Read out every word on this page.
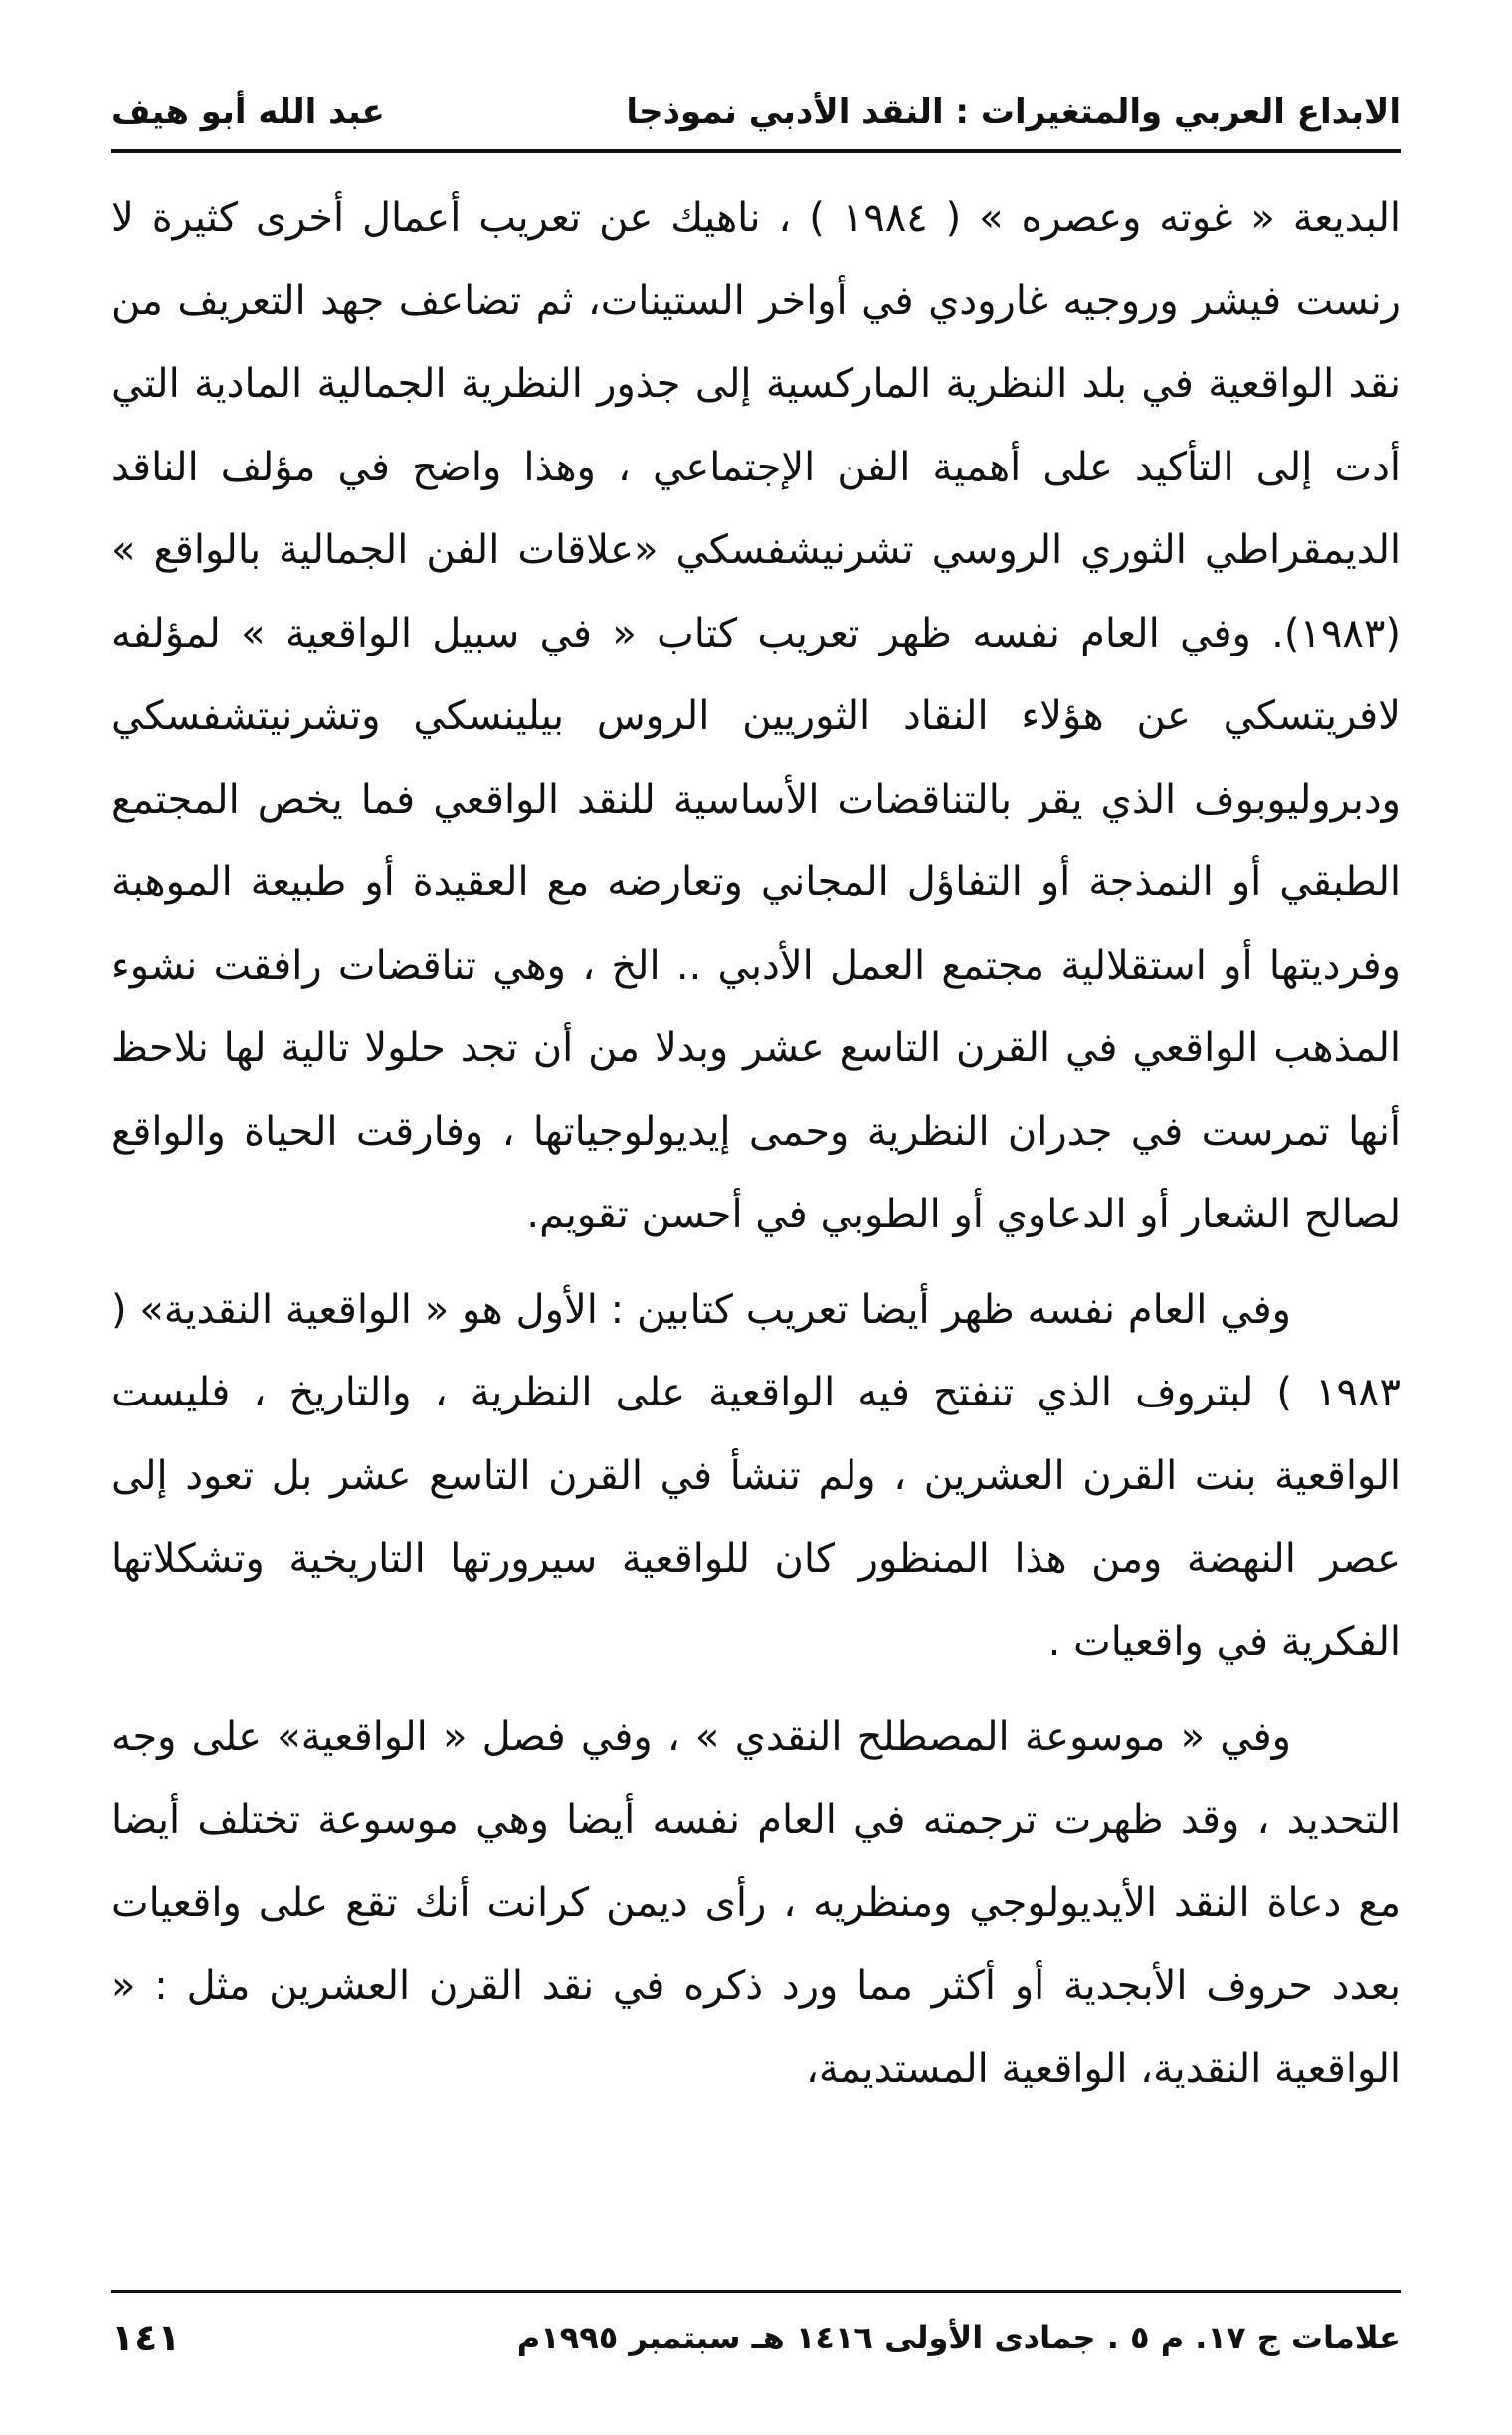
الابداع العربي والمتغيرات : النقد الأدبي نموذجا
عبد الله أبو هيف

البديعة « غوته وعصره » ( ١٩٨٤ ) ، ناهيك عن تعريب أعمال أخرى كثيرة لا رنست فيشر وروجيه غارودي في أواخر الستينات، ثم تضاعف جهد التعريف من نقد الواقعية في بلد النظرية الماركسية إلى جذور النظرية الجمالية المادية التي أدت إلى التأكيد على أهمية الفن الإجتماعي ، وهذا واضح في مؤلف الناقد الديمقراطي الثوري الروسي تشرنيشفسكي «علاقات الفن الجمالية بالواقع » (١٩٨٣). وفي العام نفسه ظهر تعريب كتاب « في سبيل الواقعية » لمؤلفه لافريتسكي عن هؤلاء النقاد الثوريين الروس بيلينسكي وتشرنيتشفسكي ودبروليوبوف الذي يقر بالتناقضات الأساسية للنقد الواقعي فما يخص المجتمع الطبقي أو النمذجة أو التفاؤل المجاني وتعارضه مع العقيدة أو طبيعة الموهبة وفرديتها أو استقلالية مجتمع العمل الأدبي .. الخ ، وهي تناقضات رافقت نشوء المذهب الواقعي في القرن التاسع عشر وبدلا من أن تجد حلولا تالية لها نلاحظ أنها تمرست في جدران النظرية وحمى إيديولوجياتها ، وفارقت الحياة والواقع لصالح الشعار أو الدعاوي أو الطوبي في أحسن تقويم.

وفي العام نفسه ظهر أيضا تعريب كتابين : الأول هو « الواقعية النقدية» ( ١٩٨٣ ) لبتروف الذي تنفتح فيه الواقعية على النظرية ، والتاريخ ، فليست الواقعية بنت القرن العشرين ، ولم تنشأ في القرن التاسع عشر بل تعود إلى عصر النهضة ومن هذا المنظور كان للواقعية سيرورتها التاريخية وتشكلاتها الفكرية في واقعيات .

وفي « موسوعة المصطلح النقدي » ، وفي فصل « الواقعية» على وجه التحديد ، وقد ظهرت ترجمته في العام نفسه أيضا وهي موسوعة تختلف أيضا مع دعاة النقد الأيديولوجي ومنظريه ، رأى ديمن كرانت أنك تقع على واقعيات بعدد حروف الأبجدية أو أكثر مما ورد ذكره في نقد القرن العشرين مثل : « الواقعية النقدية، الواقعية المستديمة،

علامات ج ١٧. م ٥ . جمادى الأولى ١٤١٦ هـ سبتمبر ١٩٩٥م
١٤١
